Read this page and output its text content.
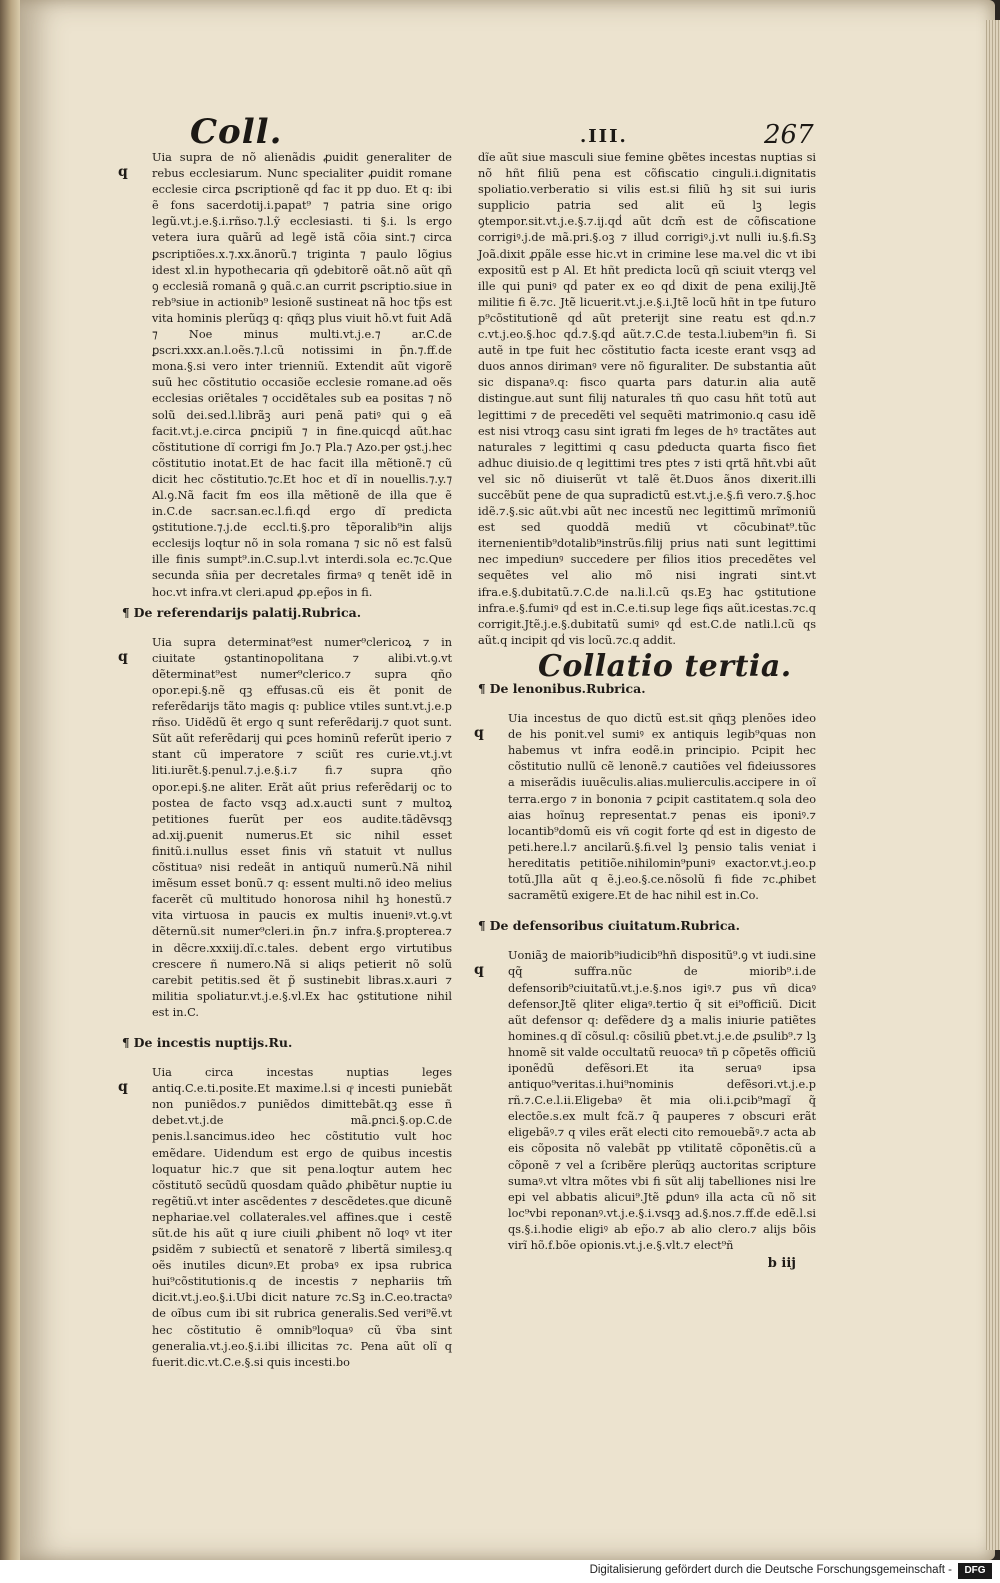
Coll.	.III.	267
q
Uia supra de nõ alienãdis ꝓuidit generaliter de rebus ecclesiarum. Nunc specialiter ꝓuidit romane ecclesie circa ꝑscriptionẽ qḋ fac it pp duo. Et q: ibi ẽ fons sacerdotij.i.papat⁹ ⁊ patria sine origo legũ.vt.j.e.§.i.rñso.⁊.l.ỹ ecclesiasti. ti §.i. ls ergo vetera iura quãrũ ad legẽ istã cõia sint.⁊ circa ꝑscriptiões.x.⁊.xx.ãnorũ.⁊ triginta ⁊ paulo lõgius idest xl.in hypothecaria qñ ꝯdebitorẽ oãt.nõ aũt qñ ꝯ ecclesiã romanã ꝯ quã.c.an currit ꝑscriptio.siue in reb⁹siue in actionib⁹ lesionẽ sustineat nã hoc tp̃s est vita hominis plerũqꝫ q: qñqꝫ plus viuit hõ.vt fuit Adã ⁊ Noe minus multi.vt.j.e.⁊ ar.C.de ꝑscri.xxx.an.l.oẽs.⁊.l.cũ notissimi in p̃n.⁊.ff.de mona.§.si vero inter trienniũ. Extendit aũt vigorẽ suũ hec cõstitutio occasiõe ecclesie romane.ad oẽs ecclesias oriẽtales ⁊ occidẽtales sub ea positas ⁊ nõ solũ dei.sed.l.librãꝫ auri penã patiꝰ qui ꝯ eã facit.vt.j.e.circa ꝑncipiũ ⁊ in fine.quicqḋ aũt.hac cõstitutione dĩ corrigi fm Jo.⁊ Pla.⁊ Azo.per ꝯst.j.hec cõstitutio inotat.Et de hac facit illa mẽtionẽ.⁊ cũ dicit hec cõstitutio.⁊c.Et hoc et dĩ in nouellis.⁊.y.⁊ Al.ꝯ.Nã facit fm eos illa mẽtionẽ de illa que ẽ in.C.de sacr.san.ec.l.fi.qḋ ergo dĩ predicta ꝯstitutione.⁊.j.de eccl.ti.§.pro tẽporalib⁹in alijs ecclesijs loqtur nõ in sola romana ⁊ sic nõ est falsũ ille finis sumpt⁹.in.C.sup.l.vt interdi.sola ec.⁊c.Que secunda sñia per decretales firmaꝰ q tenẽt idẽ in hoc.vt infra.vt cleri.apud ꝓp.ep̃os in fi.
¶ De referendarijs palatij.Rubrica.
q
Uia supra determinat⁹est numer⁹clericoꝝ ⁊ in ciuitate ꝯstantinopolitana ⁊ alibi.vt.ꝯ.vt dẽterminat⁹est numer⁹clerico.⁊ supra qño opor.epi.§.nẽ qꝫ effusas.cũ eis ẽt ponit de referẽdarijs tãto magis q: publice vtiles sunt.vt.j.e.p rñso. Uidẽdũ ẽt ergo q sunt referẽdarij.⁊ quot sunt. Sũt aũt referẽdarij qui ꝑces hominũ referũt iperio ⁊ stant cũ imperatore ⁊ sciũt res curie.vt.j.vt liti.iurẽt.§.penul.⁊.j.e.§.i.⁊ fi.⁊ supra qño opor.epi.§.ne aliter. Erãt aũt prius referẽdarij oc to postea de facto vsqꝫ ad.x.aucti sunt ⁊ multoꝝ petitiones fuerũt per eos audite.tãdẽvsqꝫ ad.xij.ꝑuenit numerus.Et sic nihil esset finitũ.i.nullus esset finis vñ statuit vt nullus cõstituaꝰ nisi redeãt in antiquũ numerũ.Nã nihil imẽsum esset bonũ.⁊ q: essent multi.nõ ideo melius facerẽt cũ multitudo honorosa nihil hꝫ honestũ.⁊ vita virtuosa in paucis ex multis inueniꝰ.vt.ꝯ.vt dẽternũ.sit numer⁹cleri.in p̃n.⁊ infra.§.propterea.⁊ in dẽcre.xxxiij.dĩ.c.tales. debent ergo virtutibus crescere ñ numero.Nã si aliqs petierit nõ solũ carebit petitis.sed ẽt p̃ sustinebit libras.x.auri ⁊ militia spoliatur.vt.j.e.§.vl.Ex hac ꝯstitutione nihil est in.C.
¶ De incestis nuptijs.Ru.
q
Uia circa incestas nuptias leges antiq.C.e.ti.posite.Et maxime.l.si qͦ incesti puniebãt non puniẽdos.⁊ puniẽdos dimittebãt.qꝫ esse ñ debet.vt.j.de mã.ꝑnci.§.op.C.de penis.l.sancimus.ideo hec cõstitutio vult hoc emẽdare. Uidendum est ergo de quibus incestis loquatur hic.⁊ que sit pena.loqtur autem hec cõstitutõ secũdũ quosdam quãdo ꝓhibẽtur nuptie iu regẽtiũ.vt inter ascẽdentes ⁊ descẽdetes.que dicunẽ nephariae.vel collaterales.vel affines.que i cestẽ sũt.de his aũt q iure ciuili ꝓhibent nõ loqꝰ vt iter ꝑsidẽm ⁊ subiectũ et senatorẽ ⁊ libertã similesꝫ.q oẽs inutiles dicunꝰ.Et probaꝰ ex ipsa rubrica hui⁹cõstitutionis.q de incestis ⁊ nephariis tm̃ dicit.vt.j.eo.§.i.Ubi dicit nature ⁊c.Sꝫ in.C.eo.tractaꝰ de oĩbus cum ibi sit rubrica generalis.Sed veri⁹ẽ.vt hec cõstitutio ẽ omnib⁹loquaꝰ cũ ṽba sint generalia.vt.j.eo.§.i.ibi illicitas ⁊c. Pena aũt olĩ q fuerit.dic.vt.C.e.§.si quis incesti.bo
dĩe aũt siue masculi siue femine ꝯbẽtes incestas nuptias si nõ hñt filiũ pena est cõfiscatio cinguli.i.dignitatis spoliatio.verberatio si vilis est.si filiũ hꝫ sit sui iuris supplicio patria sed alit eũ lꝫ legis ꝯtempor.sit.vt.j.e.§.⁊.ij.qḋ aũt dcm̃ est de cõfiscatione corrigiꝰ.j.de mã.pri.§.oꝫ ⁊ illud corrigiꝰ.j.vt nulli iu.§.fi.Sꝫ Joã.dixit ꝓpãle esse hic.vt in crimine lese ma.vel dic vt ibi expositũ est p Al. Et hñt predicta locũ qñ sciuit vterqꝫ vel ille qui puniꝰ qḋ pater ex eo qḋ dixit de pena exilij.Jtẽ militie fi ẽ.⁊c. Jtẽ licuerit.vt.j.e.§.i.Jtẽ locũ hñt in tpe futuro p⁹cõstitutionẽ qḋ aũt preterijt sine reatu est qḋ.n.⁊ c.vt.j.eo.§.hoc qḋ.⁊.§.qḋ aũt.⁊.C.de testa.l.iubem⁹in fi. Si autẽ in tpe fuit hec cõstitutio facta iceste erant vsqꝫ ad duos annos dirimanꝰ vere nõ figuraliter. De substantia aũt sic dispanaꝰ.q: fisco quarta pars datur.in alia autẽ distingue.aut sunt filij naturales tñ quo casu hñt totũ aut legittimi ⁊ de precedẽti vel sequẽti matrimonio.q casu idẽ est nisi vtroqꝫ casu sint igrati fm leges de hꝰ tractãtes aut naturales ⁊ legittimi q casu ꝑdeducta quarta fisco fiet adhuc diuisio.de q legittimi tres ptes ⁊ isti qrtã hñt.vbi aũt vel sic nõ diuiserũt vt talẽ ẽt.Duos ãnos dixerit.illi succẽbũt pene de qua supradictũ est.vt.j.e.§.fi vero.⁊.§.hoc idẽ.⁊.§.sic aũt.vbi aũt nec incestũ nec legittimũ mrĩmoniũ est sed quoddã mediũ vt cõcubinat⁹.tũc iternenientib⁹dotalib⁹instrũs.filij prius nati sunt legittimi nec impediunꝰ succedere per filios itios precedẽtes vel sequẽtes vel alio mõ nisi ingrati sint.vt ifra.e.§.dubitatũ.⁊.C.de na.li.l.cũ qs.Eꝫ hac ꝯstitutione infra.e.§.fumiꝰ qḋ est in.C.e.ti.sup lege fiqs aũt.icestas.⁊c.q corrigit.Jtẽ.j.e.§.dubitatũ sumiꝰ qḋ est.C.de natli.l.cũ qs aũt.q incipit qḋ vis locũ.⁊c.q addit.
Collatio tertia.
¶ De lenonibus.Rubrica.
q
Uia incestus de quo dictũ est.sit qñqꝫ plenões ideo de his ponit.vel sumiꝰ ex antiquis legib⁹quas non habemus vt infra eodẽ.in principio. Pcipit hec cõstitutio nullũ cẽ lenonẽ.⁊ cautiões vel fideiussores a miserãdis iuuẽculis.alias.mulierculis.accipere in oĩ terra.ergo ⁊ in bononia ⁊ ꝑcipit castitatem.q sola deo aias hoĩnuꝫ representat.⁊ penas eis iponiꝰ.⁊ locantib⁹domũ eis vñ cogit forte qḋ est in digesto de peti.here.l.⁊ ancilarũ.§.fi.vel lꝫ pensio talis veniat i hereditatis petitiõe.nihilomin⁹puniꝰ exactor.vt.j.eo.p totũ.Jlla aũt q ẽ.j.eo.§.ce.nõsolũ fi fide ⁊c.ꝓhibet sacramẽtũ exigere.Et de hac nihil est in.Co.
¶ De defensoribus ciuitatum.Rubrica.
q
Uoniãꝫ de maiorib⁹iudicib⁹hñ dispositũ⁹.ꝯ vt iudi.sine qq̃ suffra.nũc de miorib⁹.i.de defensorib⁹ciuitatũ.vt.j.e.§.nos igiꝰ.⁊ ꝑus vñ dicaꝰ defensor.Jtẽ qliter eligaꝰ.tertio q̃ sit ei⁹officiũ. Dicit aũt defensor q: defẽdere dꝫ a malis iniurie patiẽtes homines.q dĩ cõsul.q: cõsiliũ ꝑbet.vt.j.e.de ꝓsulib⁹.⁊ lꝫ hnomẽ sit valde occultatũ reuocaꝰ tñ p cõpetẽs officiũ iponẽdũ defẽsori.Et ita seruaꝰ ipsa antiquo⁹veritas.i.hui⁹nominis defẽsori.vt.j.e.p rñ.⁊.C.e.l.ii.Eligebaꝰ ẽt mia oli.i.ꝑcib⁹magĩ q̃ electõe.s.ex mult fcã.⁊ q̃ pauperes ⁊ obscuri erãt eligebãꝰ.⁊ q viles erãt electi cito remouebãꝰ.⁊ acta ab eis cõposita nõ valebãt pp vtilitatẽ cõponẽtis.cũ a cõponẽ ⁊ vel a ſcribẽre plerũqꝫ auctoritas scripture sumaꝰ.vt vltra mõtes vbi fi sũt alij tabelliones nisi lre epi vel abbatis alicui⁹.Jtẽ ꝑdunꝰ illa acta cũ nõ sit loc⁹vbi reponanꝰ.vt.j.e.§.i.vsqꝫ ad.§.nos.⁊.ff.de edẽ.l.si qs.§.i.hodie eligiꝰ ab ep̃o.⁊ ab alio clero.⁊ alijs bõis virĩ hõ.f.bõe opionis.vt.j.e.§.vlt.⁊ elect⁹ñ
b iij
Digitalisierung gefördert durch die Deutsche Forschungsgemeinschaft -	DFG
